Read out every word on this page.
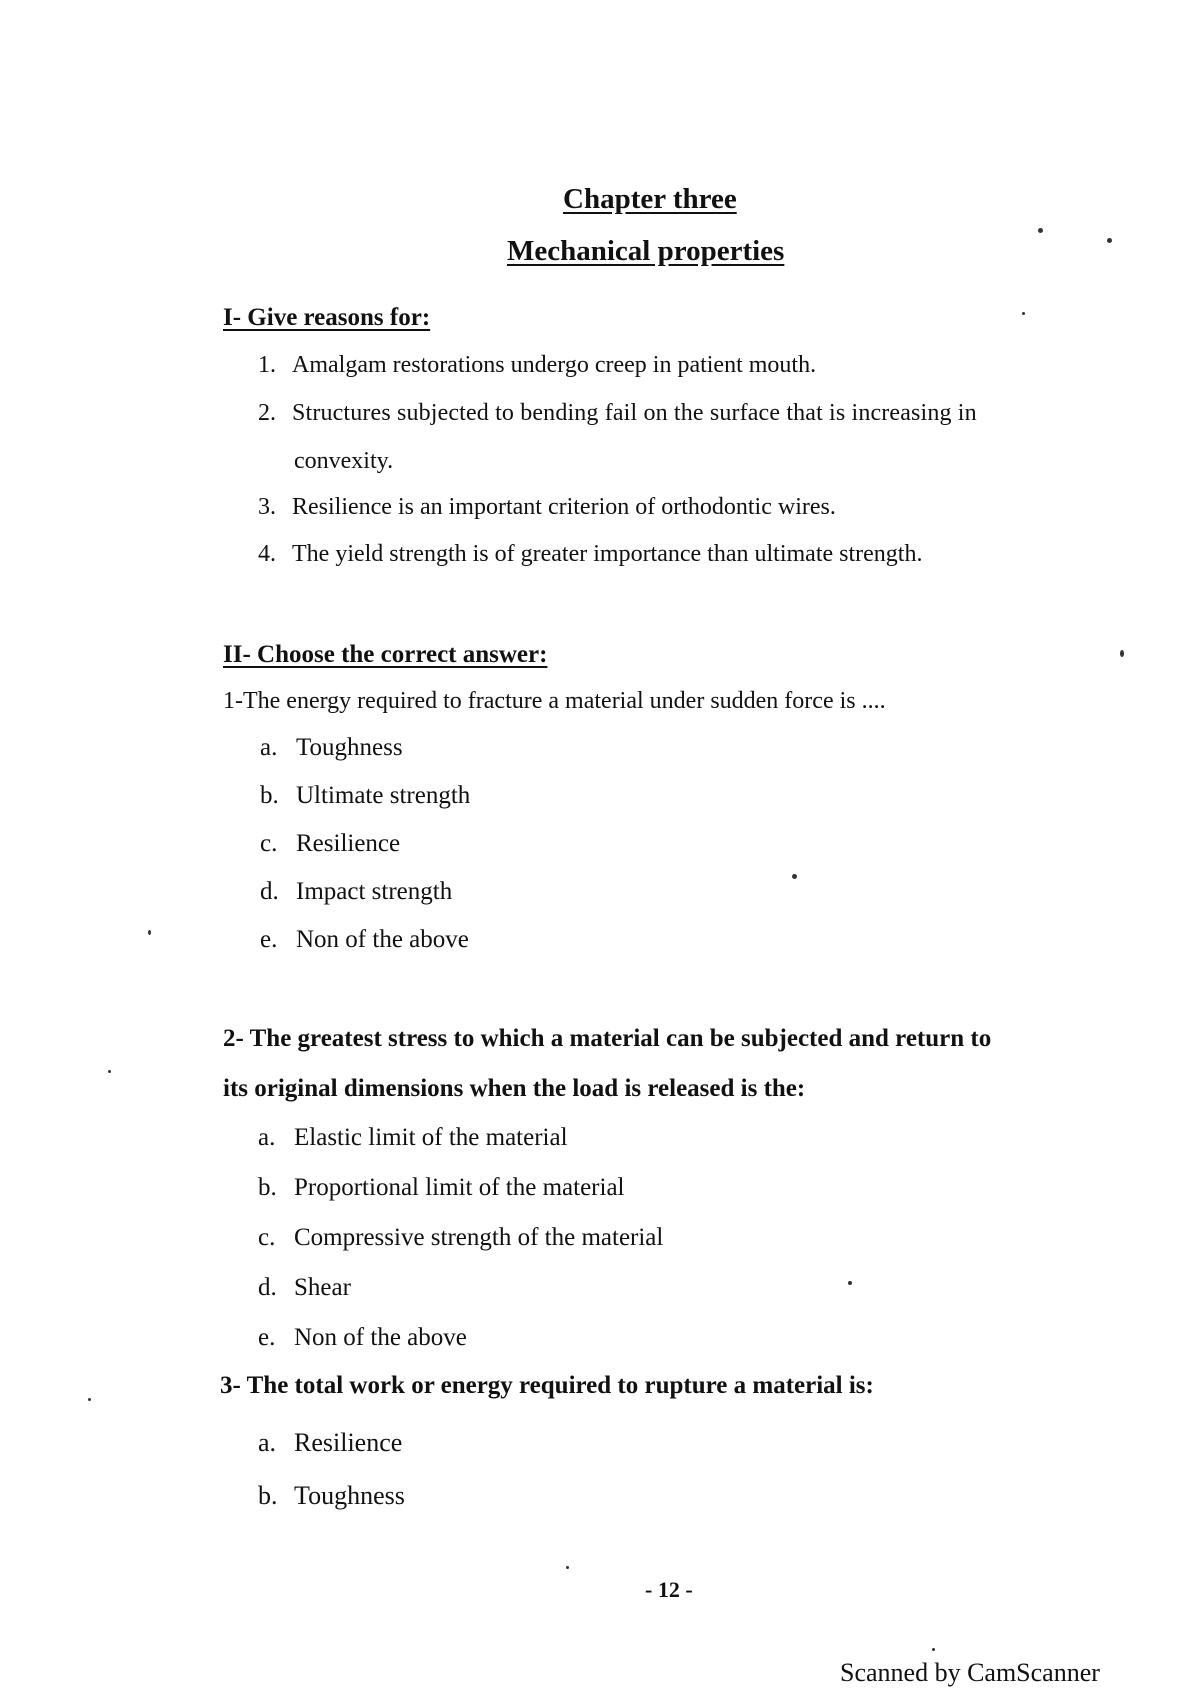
Chapter three
Mechanical properties
I- Give reasons for:
1. Amalgam restorations undergo creep in patient mouth.
2. Structures subjected to bending fail on the surface that is increasing in
convexity.
3. Resilience is an important criterion of orthodontic wires.
4. The yield strength is of greater importance than ultimate strength.
II- Choose the correct answer:
1-The energy required to fracture a material under sudden force is ....
a. Toughness
b. Ultimate strength
c. Resilience
d. Impact strength
e. Non of the above
2- The greatest stress to which a material can be subjected and return to
its original dimensions when the load is released is the:
a. Elastic limit of the material
b. Proportional limit of the material
c. Compressive strength of the material
d. Shear
e. Non of the above
3- The total work or energy required to rupture a material is:
a. Resilience
b. Toughness
- 12 -
Scanned by CamScanner
